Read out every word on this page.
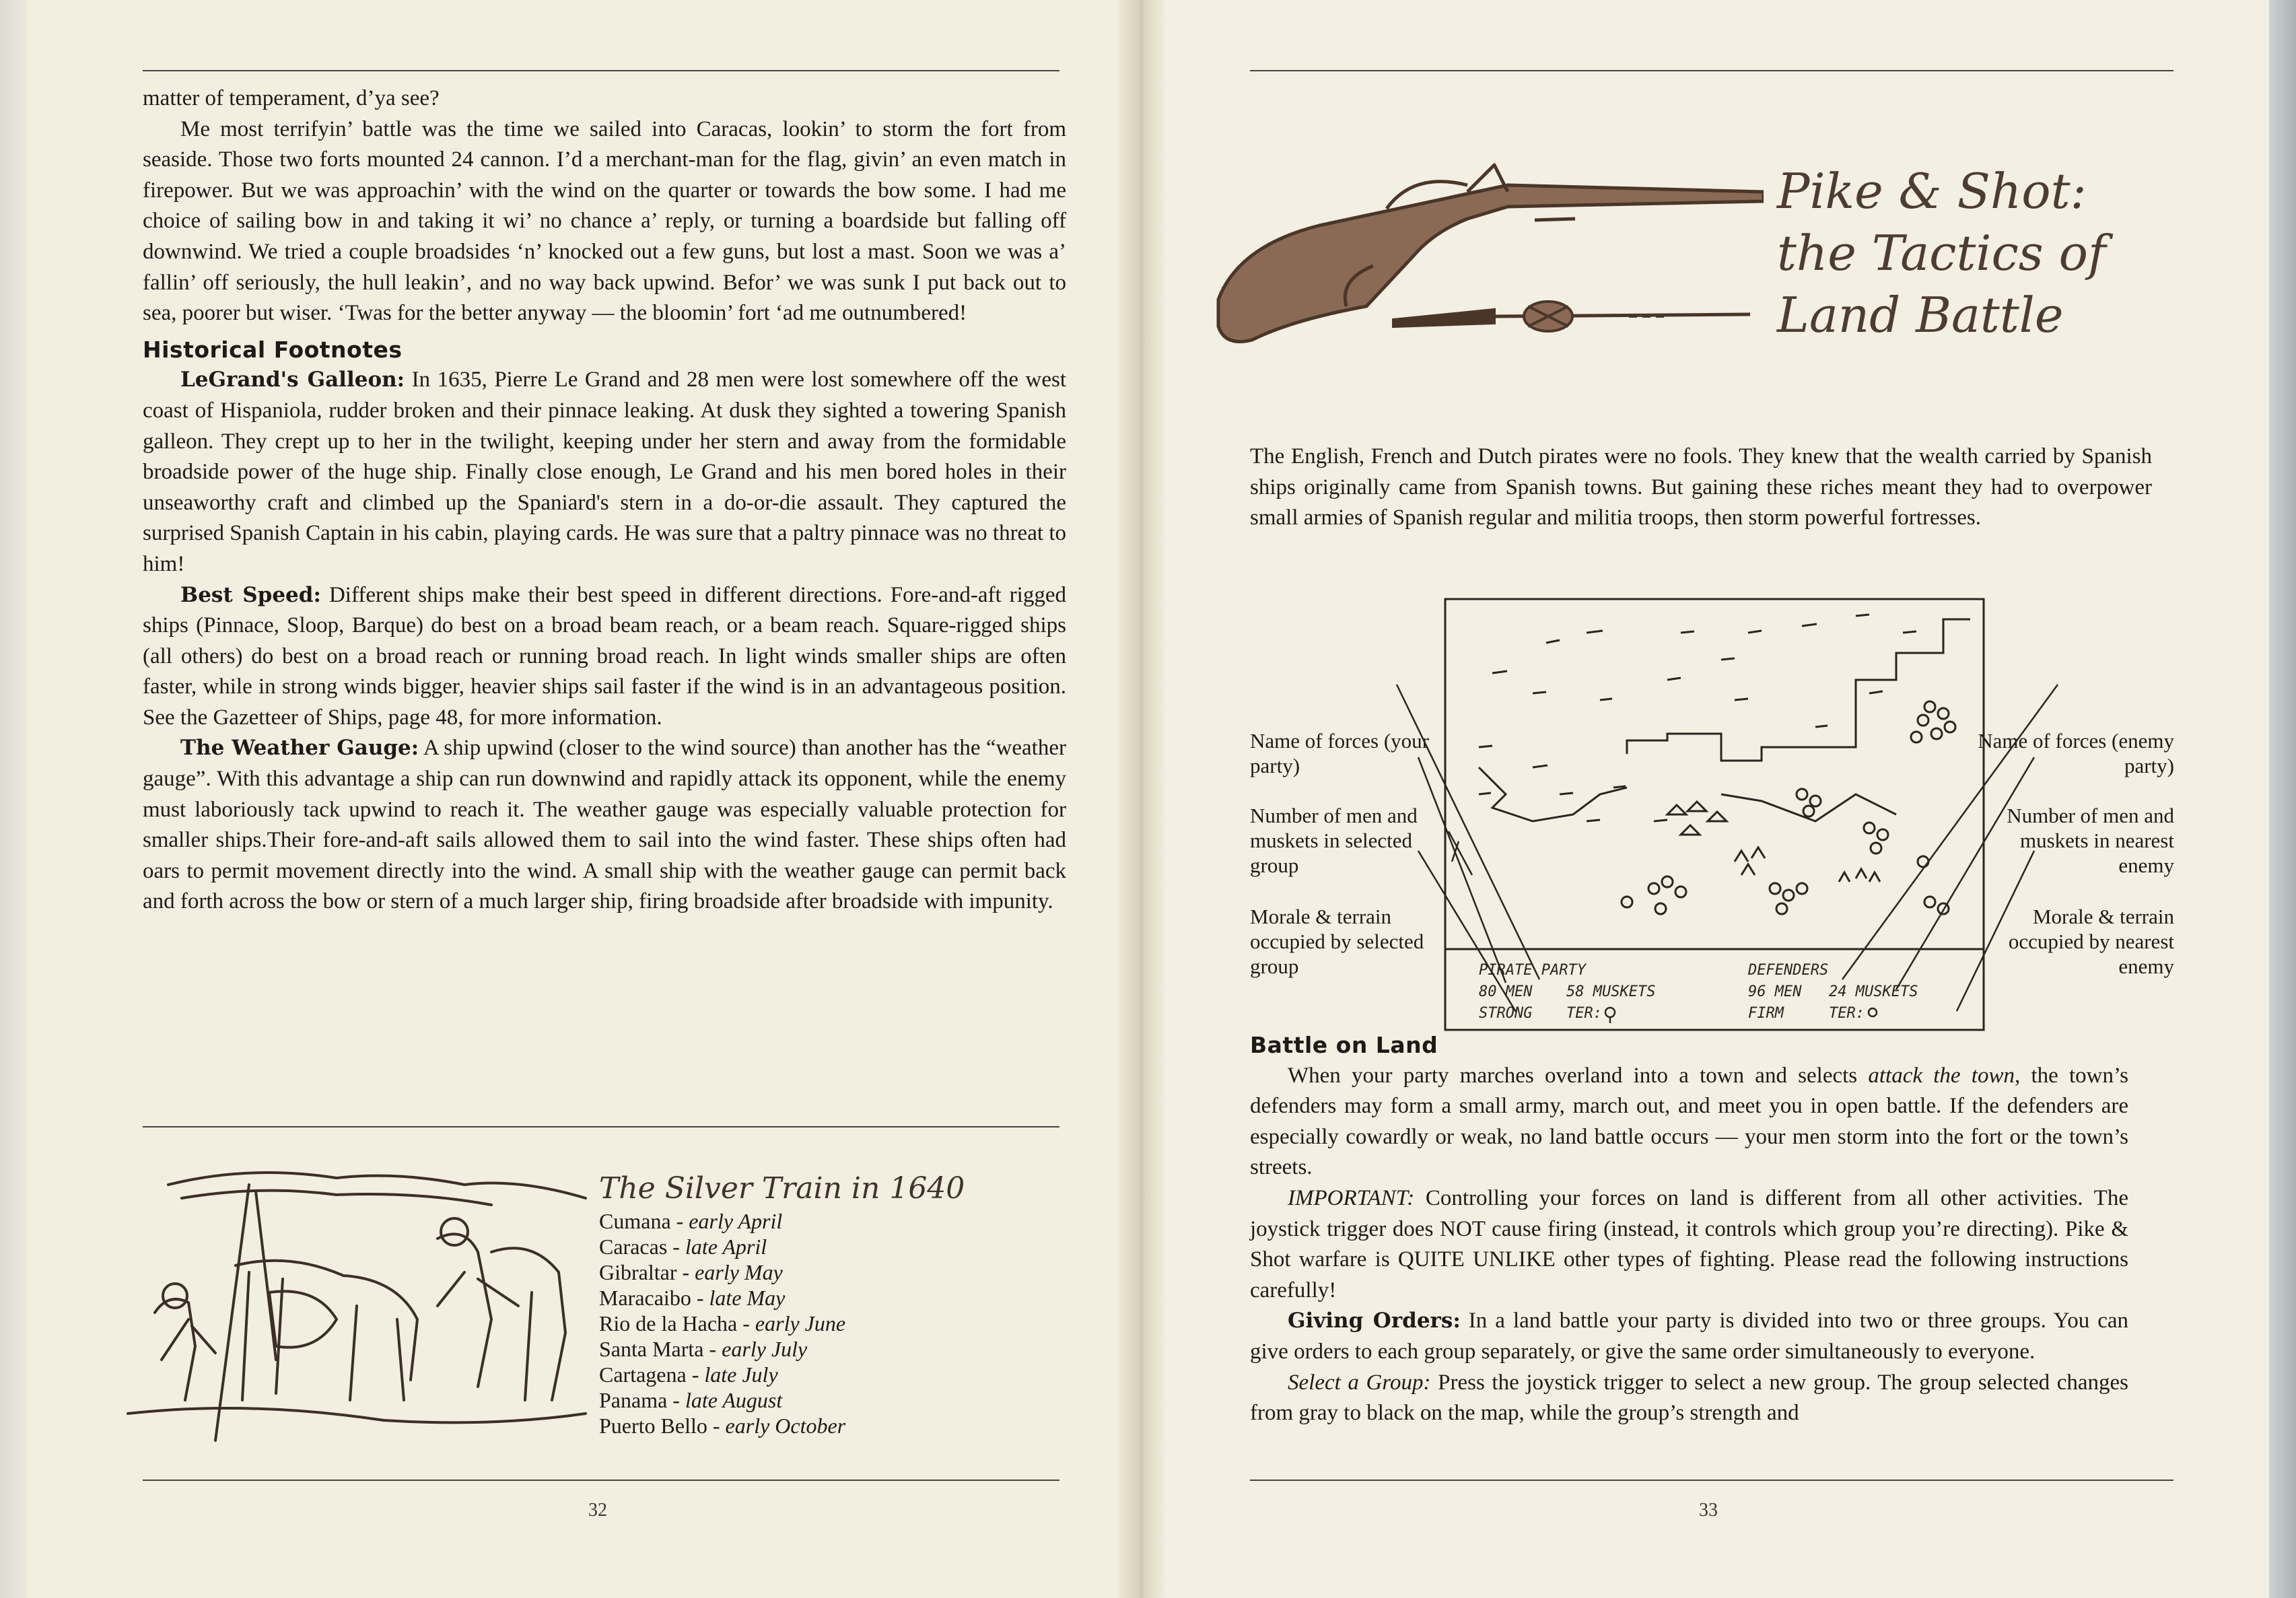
matter of temperament, d’ya see?

Me most terrifyin’ battle was the time we sailed into Caracas, lookin’ to storm the fort from seaside. Those two forts mounted 24 cannon. I’d a merchant-man for the flag, givin’ an even match in firepower. But we was approachin’ with the wind on the quarter or towards the bow some. I had me choice of sailing bow in and taking it wi’ no chance a’ reply, or turning a boardside but falling off downwind. We tried a couple broadsides ‘n’ knocked out a few guns, but lost a mast. Soon we was a’ fallin’ off seriously, the hull leakin’, and no way back upwind. Befor’ we was sunk I put back out to sea, poorer but wiser. ‘Twas for the better anyway — the bloomin’ fort ‘ad me outnumbered!

Historical Footnotes

LeGrand's Galleon: In 1635, Pierre Le Grand and 28 men were lost somewhere off the west coast of Hispaniola, rudder broken and their pinnace leaking. At dusk they sighted a towering Spanish galleon. They crept up to her in the twilight, keeping under her stern and away from the formidable broadside power of the huge ship. Finally close enough, Le Grand and his men bored holes in their unseaworthy craft and climbed up the Spaniard's stern in a do-or-die assault. They captured the surprised Spanish Captain in his cabin, playing cards. He was sure that a paltry pinnace was no threat to him!

Best Speed: Different ships make their best speed in different directions. Fore-and-aft rigged ships (Pinnace, Sloop, Barque) do best on a broad beam reach, or a beam reach. Square-rigged ships (all others) do best on a broad reach or running broad reach. In light winds smaller ships are often faster, while in strong winds bigger, heavier ships sail faster if the wind is in an advantageous position. See the Gazetteer of Ships, page 48, for more information.

The Weather Gauge: A ship upwind (closer to the wind source) than another has the “weather gauge”. With this advantage a ship can run downwind and rapidly attack its opponent, while the enemy must laboriously tack upwind to reach it. The weather gauge was especially valuable protection for smaller ships.Their fore-and-aft sails allowed them to sail into the wind faster. These ships often had oars to permit movement directly into the wind. A small ship with the weather gauge can permit back and forth across the bow or stern of a much larger ship, firing broadside after broadside with impunity.

The Silver Train in 1640
Cumana - early April
Caracas - late April
Gibraltar - early May
Maracaibo - late May
Rio de la Hacha - early June
Santa Marta - early July
Cartagena - late July
Panama - late August
Puerto Bello - early October
32
Pike & Shot:
the Tactics of
Land Battle
The English, French and Dutch pirates were no fools. They knew that the wealth carried by Spanish ships originally came from Spanish towns. But gaining these riches meant they had to overpower small armies of Spanish regular and militia troops, then storm powerful fortresses.
Name of forces (your party)
Number of men and muskets in selected group
Morale & terrain occupied by selected group
Name of forces (enemy party)
Number of men and muskets in nearest enemy
Morale & terrain occupied by nearest enemy
PIRATE PARTY
80 MEN 58 MUSKETS
STRONG TER:
DEFENDERS
96 MEN 24 MUSKETS
FIRM	TER:

Battle on Land

When your party marches overland into a town and selects attack the town, the town’s defenders may form a small army, march out, and meet you in open battle. If the defenders are especially cowardly or weak, no land battle occurs — your men storm into the fort or the town’s streets.

IMPORTANT: Controlling your forces on land is different from all other activities. The joystick trigger does NOT cause firing (instead, it controls which group you’re directing). Pike & Shot warfare is QUITE UNLIKE other types of fighting. Please read the following instructions carefully!

Giving Orders: In a land battle your party is divided into two or three groups. You can give orders to each group separately, or give the same order simultaneously to everyone.

Select a Group: Press the joystick trigger to select a new group. The group selected changes from gray to black on the map, while the group’s strength and

33
